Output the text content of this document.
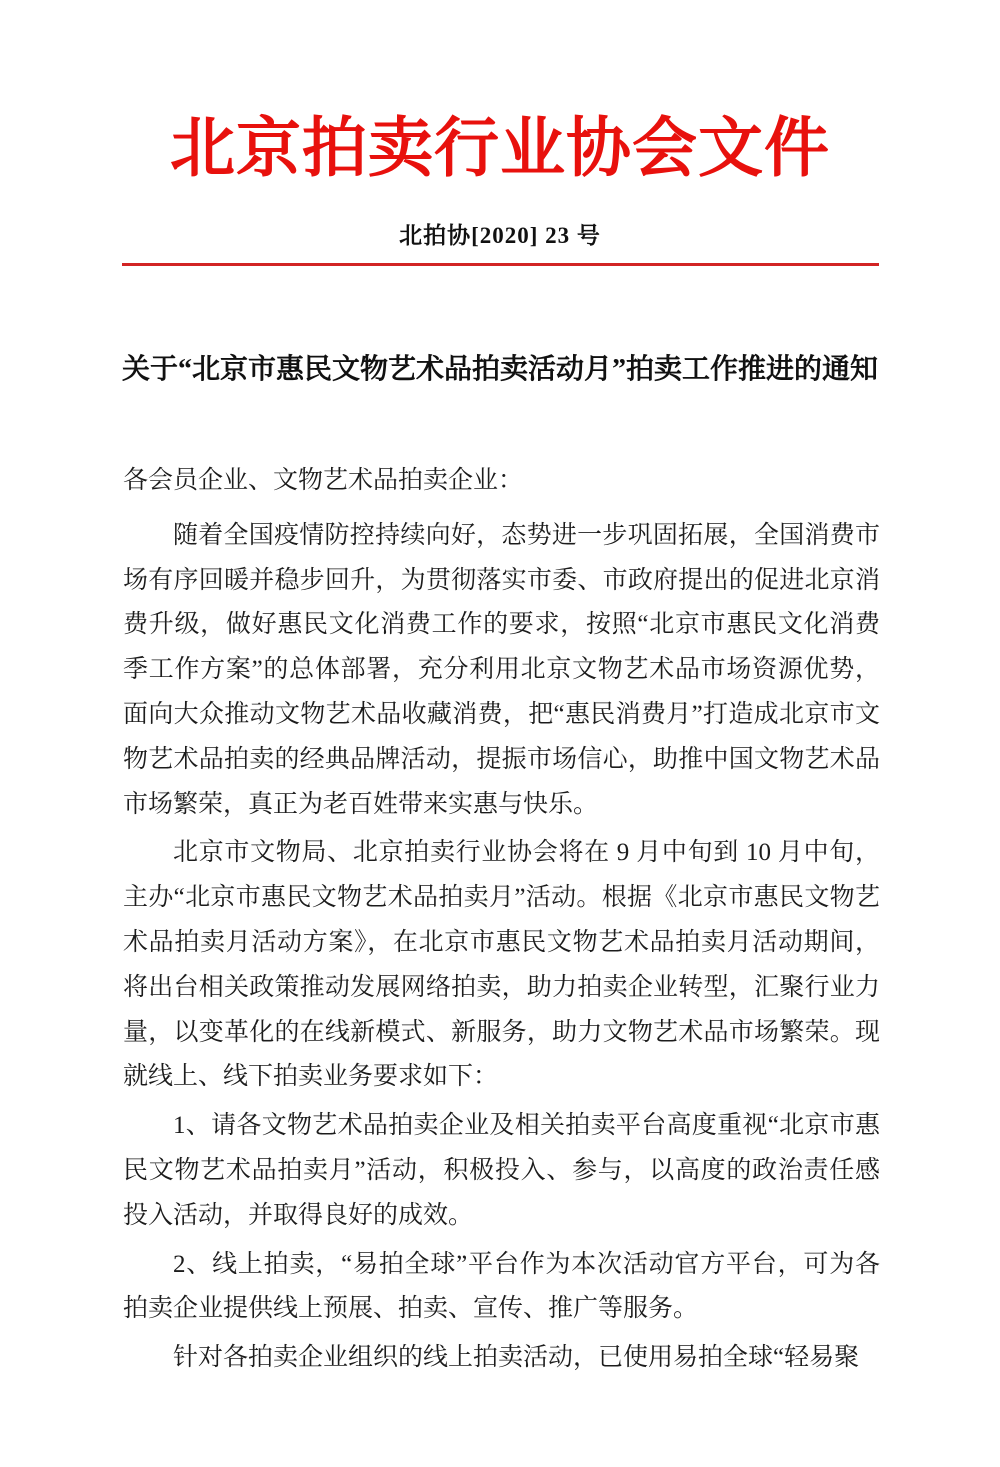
北京拍卖行业协会文件
北拍协[2020] 23 号
关于“北京市惠民文物艺术品拍卖活动月”拍卖工作推进的通知
各会员企业、文物艺术品拍卖企业：

随着全国疫情防控持续向好，态势进一步巩固拓展，全国消费市场有序回暖并稳步回升，为贯彻落实市委、市政府提出的促进北京消费升级，做好惠民文化消费工作的要求，按照“北京市惠民文化消费季工作方案”的总体部署，充分利用北京文物艺术品市场资源优势，面向大众推动文物艺术品收藏消费，把“惠民消费月”打造成北京市文物艺术品拍卖的经典品牌活动，提振市场信心，助推中国文物艺术品市场繁荣，真正为老百姓带来实惠与快乐。

北京市文物局、北京拍卖行业协会将在 9 月中旬到 10 月中旬，主办“北京市惠民文物艺术品拍卖月”活动。根据《北京市惠民文物艺术品拍卖月活动方案》，在北京市惠民文物艺术品拍卖月活动期间，将出台相关政策推动发展网络拍卖，助力拍卖企业转型，汇聚行业力量，以变革化的在线新模式、新服务，助力文物艺术品市场繁荣。现就线上、线下拍卖业务要求如下：

1、请各文物艺术品拍卖企业及相关拍卖平台高度重视“北京市惠民文物艺术品拍卖月”活动，积极投入、参与，以高度的政治责任感投入活动，并取得良好的成效。

2、线上拍卖，“易拍全球”平台作为本次活动官方平台，可为各拍卖企业提供线上预展、拍卖、宣传、推广等服务。

针对各拍卖企业组织的线上拍卖活动，已使用易拍全球“轻易聚
